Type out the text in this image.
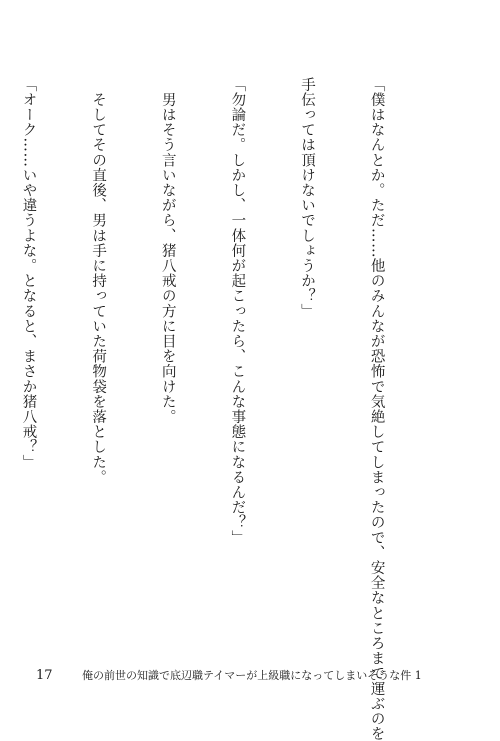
「僕はなんとか。ただ……他のみんなが恐怖で気絶してしまったので、安全なところまで運ぶのを

手伝っては頂けないでしょうか？」

「勿論だ。しかし、一体何が起こったら、こんな事態になるんだ？」

　男はそう言いながら、猪八戒の方に目を向けた。

　そしてその直後、男は手に持っていた荷物袋を落とした。

「オーク……いや違うよな。となると、まさか猪八戒？」

17	俺の前世の知識で底辺職テイマーが上級職になってしまいそうな件 1
